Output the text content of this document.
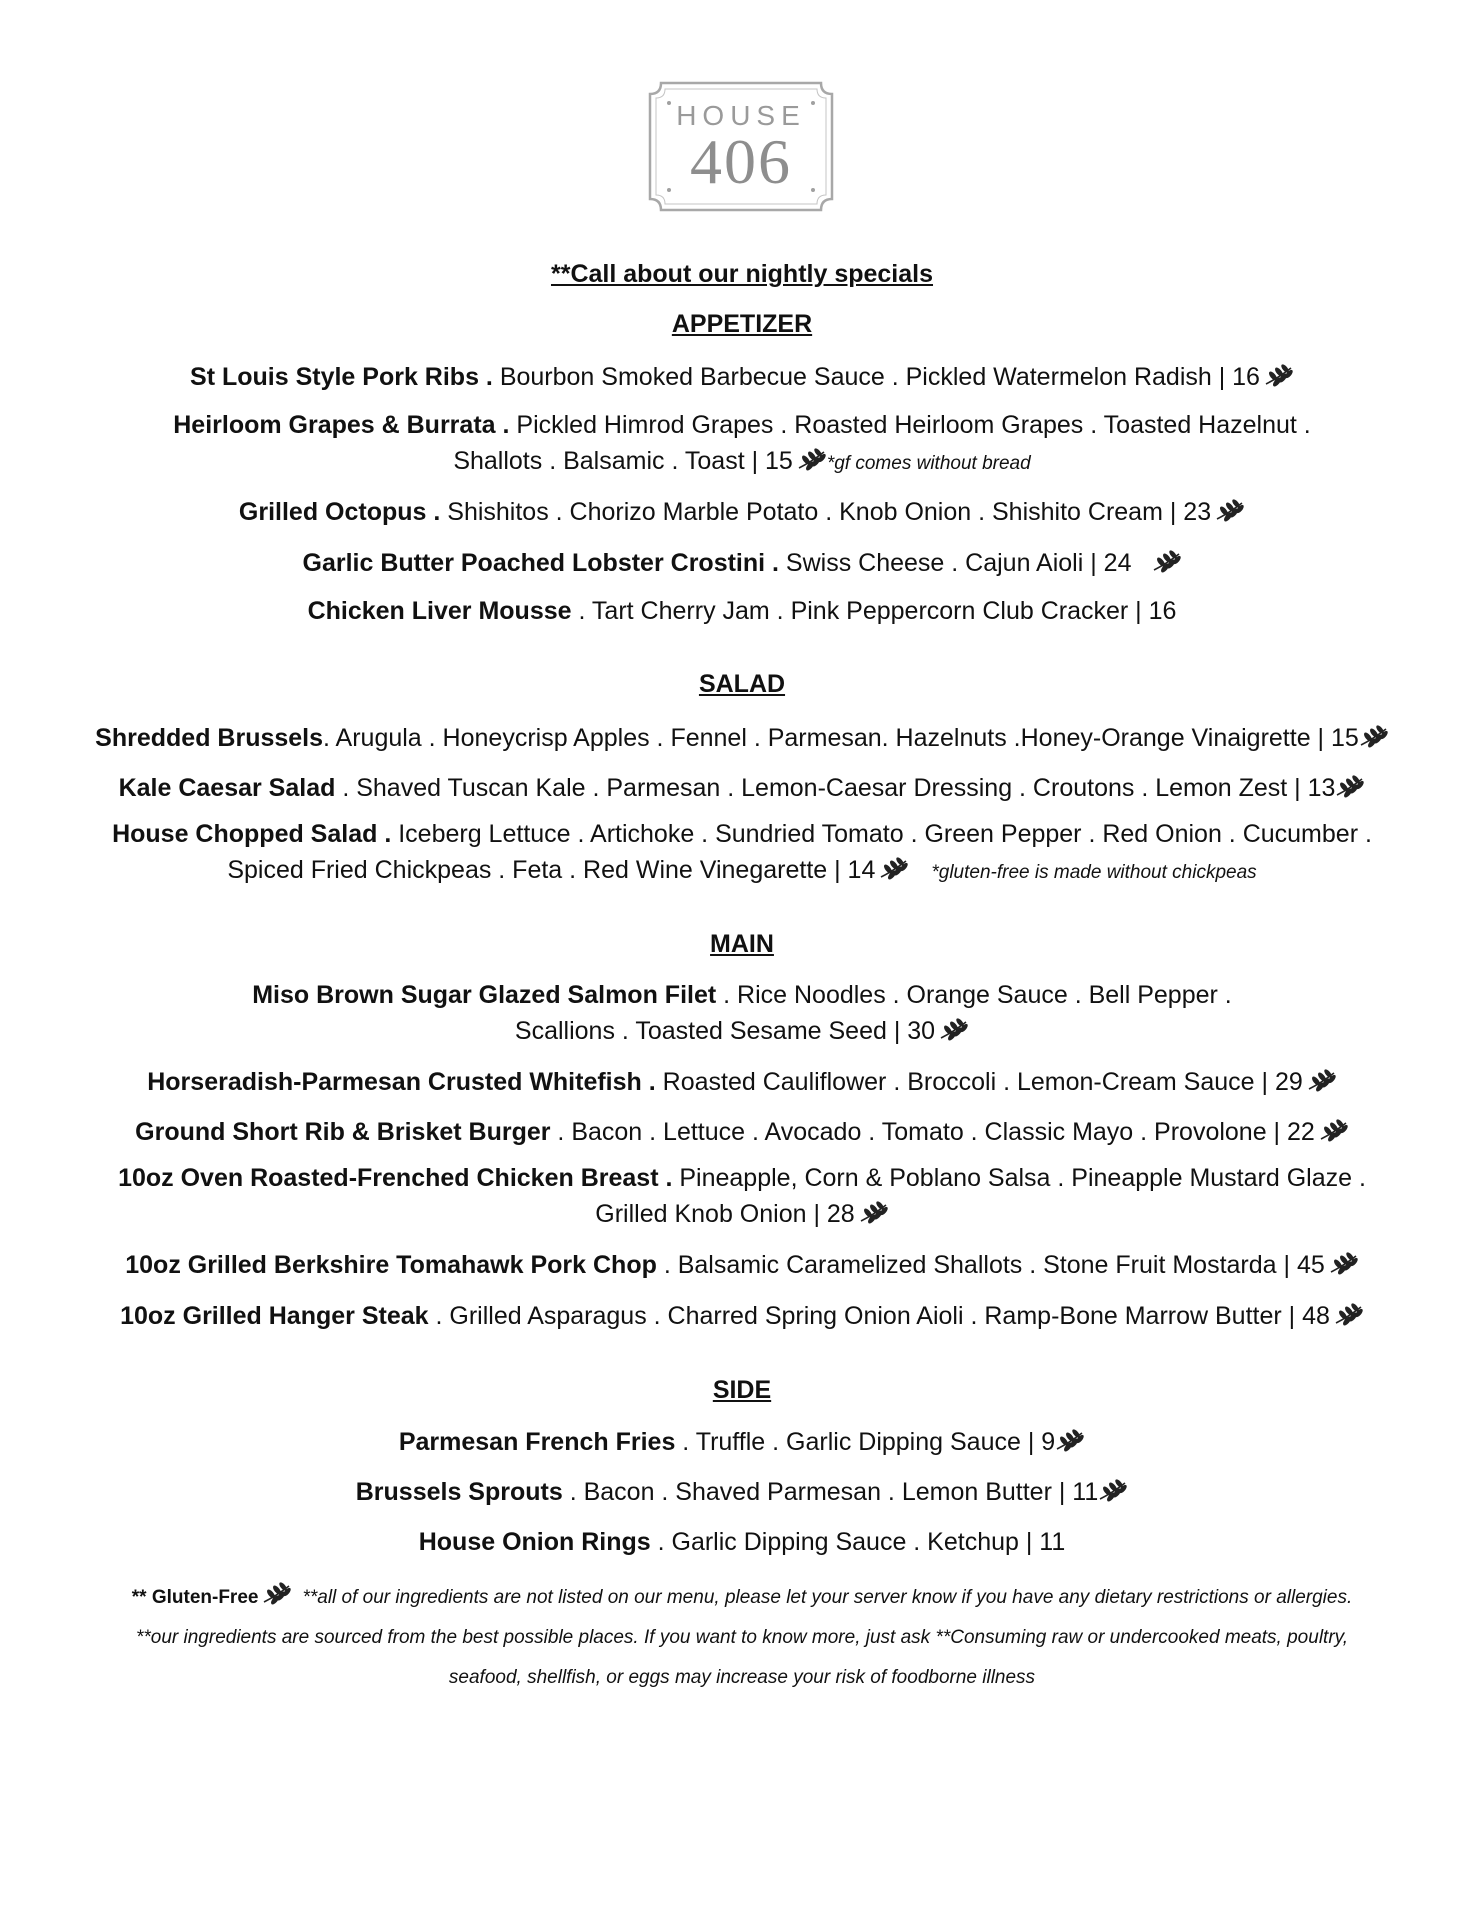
HOUSE
406
**Call about our nightly specials
APPETIZER
St Louis Style Pork Ribs . Bourbon Smoked Barbecue Sauce . Pickled Watermelon Radish | 16
Heirloom Grapes & Burrata . Pickled Himrod Grapes . Roasted Heirloom Grapes . Toasted Hazelnut .
Shallots . Balsamic . Toast | 15 *gf comes without bread
Grilled Octopus . Shishitos . Chorizo Marble Potato . Knob Onion . Shishito Cream | 23
Garlic Butter Poached Lobster Crostini . Swiss Cheese . Cajun Aioli | 24
Chicken Liver Mousse . Tart Cherry Jam . Pink Peppercorn Club Cracker | 16
SALAD
Shredded Brussels. Arugula . Honeycrisp Apples . Fennel . Parmesan. Hazelnuts .Honey-Orange Vinaigrette | 15
Kale Caesar Salad . Shaved Tuscan Kale . Parmesan . Lemon-Caesar Dressing . Croutons . Lemon Zest | 13
House Chopped Salad . Iceberg Lettuce . Artichoke . Sundried Tomato . Green Pepper . Red Onion . Cucumber .
Spiced Fried Chickpeas . Feta . Red Wine Vinegarette | 14	*gluten-free is made without chickpeas
MAIN
Miso Brown Sugar Glazed Salmon Filet . Rice Noodles . Orange Sauce . Bell Pepper .
Scallions . Toasted Sesame Seed | 30
Horseradish-Parmesan Crusted Whitefish . Roasted Cauliflower . Broccoli . Lemon-Cream Sauce | 29
Ground Short Rib & Brisket Burger . Bacon . Lettuce . Avocado . Tomato . Classic Mayo . Provolone | 22
10oz Oven Roasted-Frenched Chicken Breast . Pineapple, Corn & Poblano Salsa . Pineapple Mustard Glaze .
Grilled Knob Onion | 28
10oz Grilled Berkshire Tomahawk Pork Chop . Balsamic Caramelized Shallots . Stone Fruit Mostarda | 45
10oz Grilled Hanger Steak . Grilled Asparagus . Charred Spring Onion Aioli . Ramp-Bone Marrow Butter | 48
SIDE
Parmesan French Fries . Truffle . Garlic Dipping Sauce | 9
Brussels Sprouts . Bacon . Shaved Parmesan . Lemon Butter | 11
House Onion Rings . Garlic Dipping Sauce . Ketchup | 11
** Gluten-Free **all of our ingredients are not listed on our menu, please let your server know if you have any dietary restrictions or allergies.
**our ingredients are sourced from the best possible places. If you want to know more, just ask **Consuming raw or undercooked meats, poultry,
seafood, shellfish, or eggs may increase your risk of foodborne illness
